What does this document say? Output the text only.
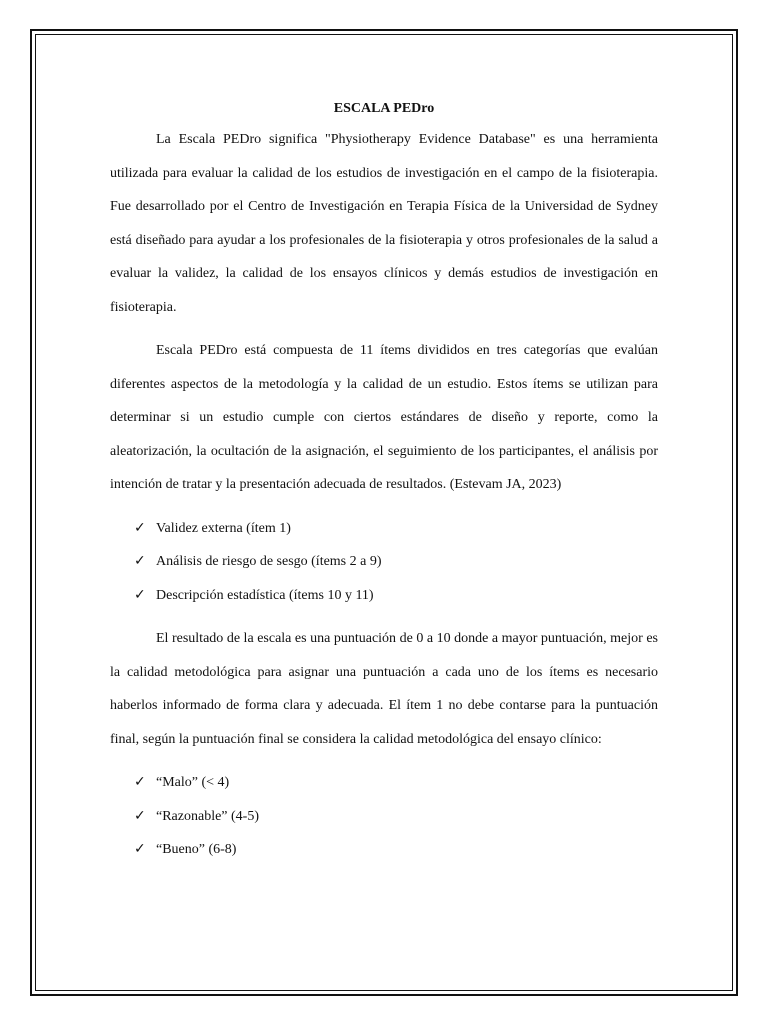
ESCALA PEDro

La Escala PEDro significa "Physiotherapy Evidence Database" es una herramienta utilizada para evaluar la calidad de los estudios de investigación en el campo de la fisioterapia. Fue desarrollado por el Centro de Investigación en Terapia Física de la Universidad de Sydney está diseñado para ayudar a los profesionales de la fisioterapia y otros profesionales de la salud a evaluar la validez, la calidad de los ensayos clínicos y demás estudios de investigación en fisioterapia.

Escala PEDro está compuesta de 11 ítems divididos en tres categorías que evalúan diferentes aspectos de la metodología y la calidad de un estudio. Estos ítems se utilizan para determinar si un estudio cumple con ciertos estándares de diseño y reporte, como la aleatorización, la ocultación de la asignación, el seguimiento de los participantes, el análisis por intención de tratar y la presentación adecuada de resultados. (Estevam JA, 2023)

✓ Validez externa (ítem 1)
✓ Análisis de riesgo de sesgo (ítems 2 a 9)
✓ Descripción estadística (ítems 10 y 11)

El resultado de la escala es una puntuación de 0 a 10 donde a mayor puntuación, mejor es la calidad metodológica para asignar una puntuación a cada uno de los ítems es necesario haberlos informado de forma clara y adecuada. El ítem 1 no debe contarse para la puntuación final, según la puntuación final se considera la calidad metodológica del ensayo clínico:

✓ “Malo” (< 4)
✓ “Razonable” (4-5)
✓ “Bueno” (6-8)
